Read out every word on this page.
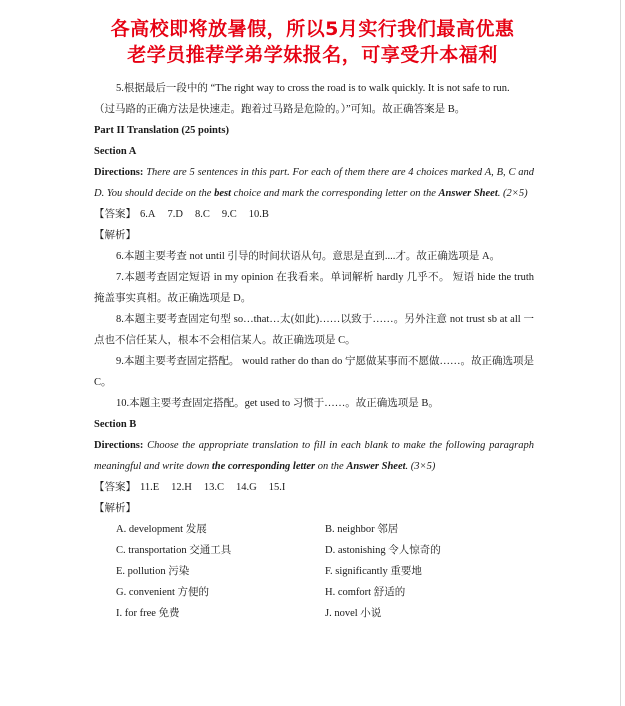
各高校即将放暑假，所以5月实行我们最高优惠
老学员推荐学弟学妹报名，可享受升本福利

5.根据最后一段中的 “The right way to cross the road is to walk quickly. It is not safe to run.

（过马路的正确方法是快速走。跑着过马路是危险的。）”可知。故正确答案是 B。

Part II Translation (25 points)

Section A

Directions: There are 5 sentences in this part. For each of them there are 4 choices marked A, B, C and D. You should decide on the best choice and mark the corresponding letter on the Answer Sheet. (2×5)

【答案】 6.A 7.D 8.C 9.C 10.B

【解析】

6.本题主要考查 not until 引导的时间状语从句。意思是直到....才。故正确选项是 A。

7.本题考查固定短语 in my opinion 在我看来。单词解析 hardly 几乎不。 短语 hide the truth 掩盖事实真相。故正确选项是 D。

8.本题主要考查固定句型 so…that…太(如此)……以致于……。另外注意 not trust sb at all 一点也不信任某人，根本不会相信某人。故正确选项是 C。

9.本题主要考查固定搭配。 would rather do than do 宁愿做某事而不愿做……。故正确选项是 C。

10.本题主要考查固定搭配。get used to 习惯于……。故正确选项是 B。

Section B

Directions: Choose the appropriate translation to fill in each blank to make the following paragraph meaningful and write down the corresponding letter on the Answer Sheet. (3×5)

【答案】 11.E 12.H 13.C 14.G 15.I

【解析】

A. development 发展	B. neighbor 邻居
C. transportation 交通工具	D. astonishing 令人惊奇的
E. pollution 污染	F. significantly 重要地
G. convenient 方便的	H. comfort 舒适的
I. for free 免费	J. novel 小说
